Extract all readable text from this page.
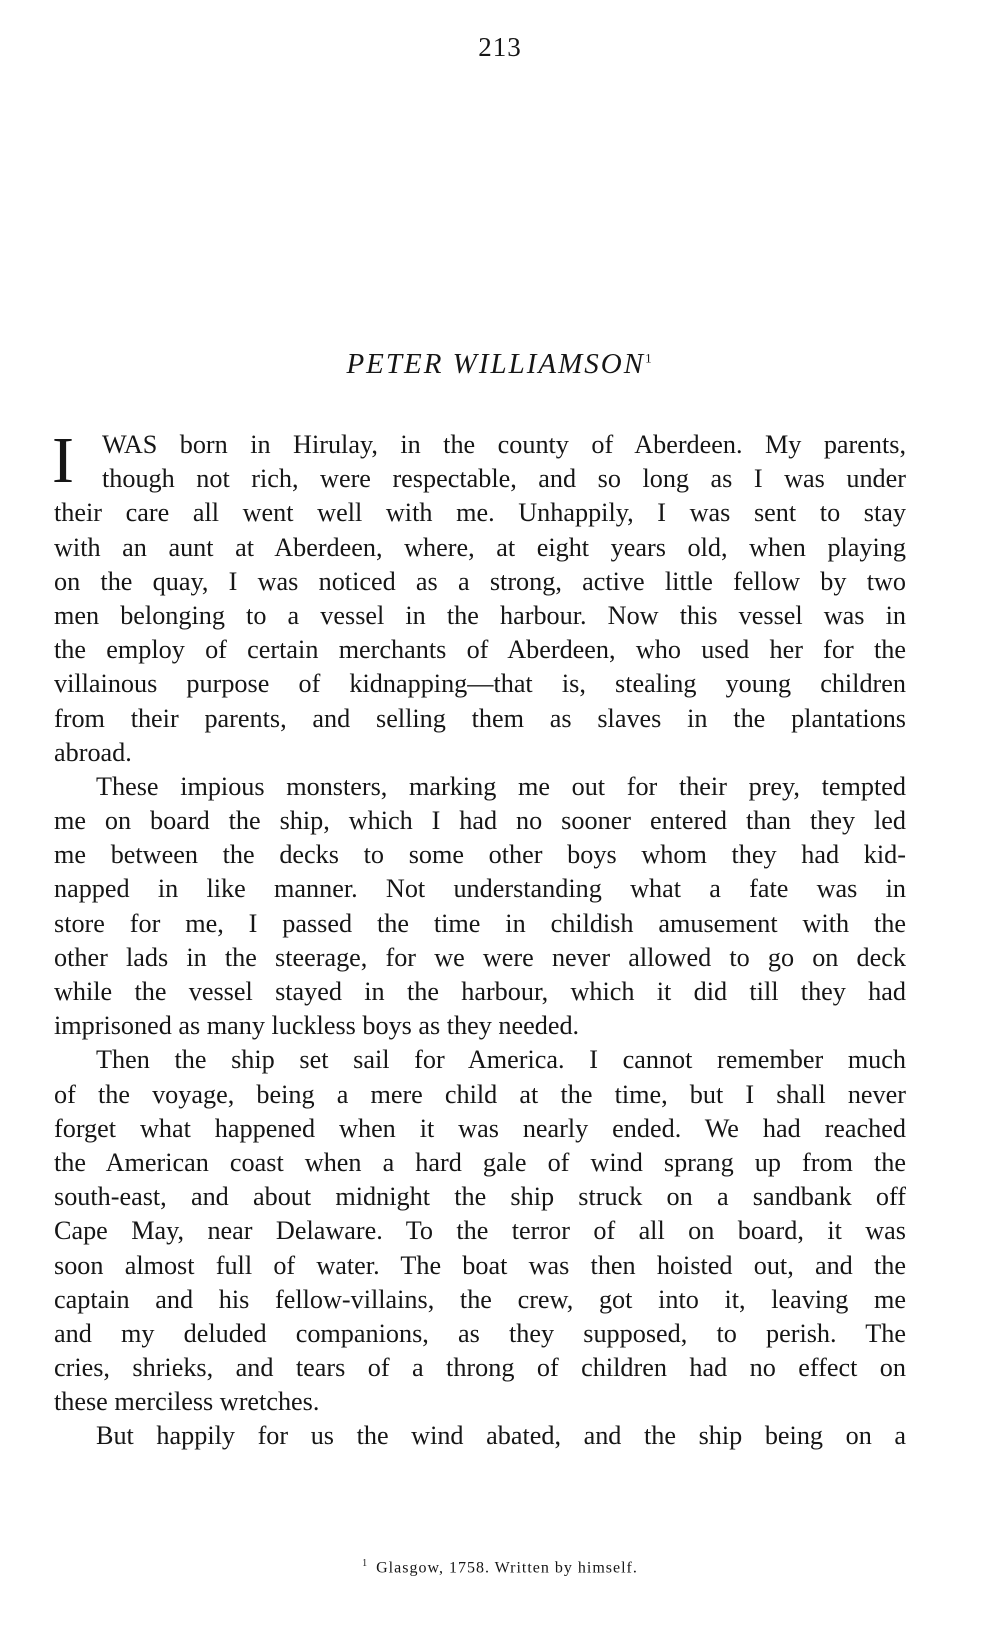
213
PETER WILLIAMSON$^1$
I	WAS born in Hirulay, in the county of Aberdeen. My parents,
though not rich, were respectable, and so long as I was under
their care all went well with me. Unhappily, I was sent to stay
with an aunt at Aberdeen, where, at eight years old, when playing
on the quay, I was noticed as a strong, active little fellow by two
men belonging to a vessel in the harbour. Now this vessel was in
the employ of certain merchants of Aberdeen, who used her for the
villainous purpose of kidnapping—that is, stealing young children
from their parents, and selling them as slaves in the plantations
abroad.
These impious monsters, marking me out for their prey, tempted
me on board the ship, which I had no sooner entered than they led
me between the decks to some other boys whom they had kid-
napped in like manner. Not understanding what a fate was in
store for me, I passed the time in childish amusement with the
other lads in the steerage, for we were never allowed to go on deck
while the vessel stayed in the harbour, which it did till they had
imprisoned as many luckless boys as they needed.
Then the ship set sail for America. I cannot remember much
of the voyage, being a mere child at the time, but I shall never
forget what happened when it was nearly ended. We had reached
the American coast when a hard gale of wind sprang up from the
south-east, and about midnight the ship struck on a sandbank off
Cape May, near Delaware. To the terror of all on board, it was
soon almost full of water. The boat was then hoisted out, and the
captain and his fellow-villains, the crew, got into it, leaving me
and my deluded companions, as they supposed, to perish. The
cries, shrieks, and tears of a throng of children had no effect on
these merciless wretches.
But happily for us the wind abated, and the ship being on a
$^1$ Glasgow, 1758. Written by himself.
